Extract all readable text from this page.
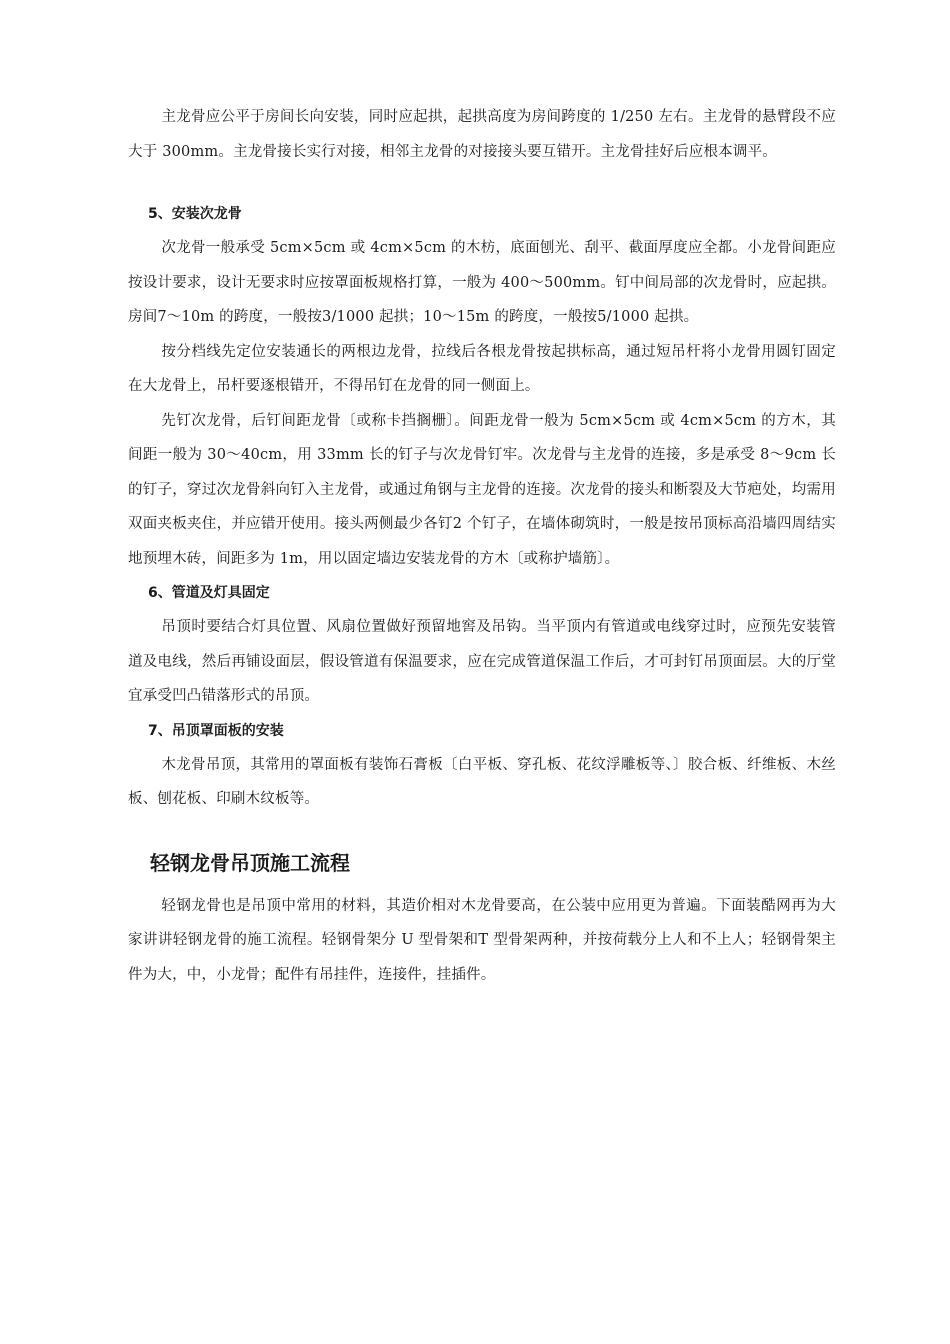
主龙骨应公平于房间长向安装，同时应起拱，起拱高度为房间跨度的 1/250 左右。主龙骨的悬臂段不应大于 300mm。主龙骨接长实行对接，相邻主龙骨的对接接头要互错开。主龙骨挂好后应根本调平。

5、安装次龙骨

次龙骨一般承受 5cm×5cm 或 4cm×5cm 的木枋，底面刨光、刮平、截面厚度应全都。小龙骨间距应按设计要求，设计无要求时应按罩面板规格打算，一般为 400～500mm。钉中间局部的次龙骨时，应起拱。房间7～10m 的跨度，一般按3/1000 起拱；10～15m 的跨度，一般按5/1000 起拱。

按分档线先定位安装通长的两根边龙骨，拉线后各根龙骨按起拱标高，通过短吊杆将小龙骨用圆钉固定在大龙骨上，吊杆要逐根错开，不得吊钉在龙骨的同一侧面上。

先钉次龙骨，后钉间距龙骨〔或称卡挡搁栅〕。间距龙骨一般为 5cm×5cm 或 4cm×5cm 的方木，其间距一般为 30～40cm，用 33mm 长的钉子与次龙骨钉牢。次龙骨与主龙骨的连接，多是承受 8～9cm 长的钉子，穿过次龙骨斜向钉入主龙骨，或通过角钢与主龙骨的连接。次龙骨的接头和断裂及大节疤处，均需用双面夹板夹住，并应错开使用。接头两侧最少各钉2 个钉子，在墙体砌筑时，一般是按吊顶标高沿墙四周结实地预埋木砖，间距多为 1m，用以固定墙边安装龙骨的方木〔或称护墙筋〕。

6、管道及灯具固定

吊顶时要结合灯具位置、风扇位置做好预留地窖及吊钩。当平顶内有管道或电线穿过时，应预先安装管道及电线，然后再铺设面层，假设管道有保温要求，应在完成管道保温工作后，才可封钉吊顶面层。大的厅堂宜承受凹凸错落形式的吊顶。

7、吊顶罩面板的安装

木龙骨吊顶，其常用的罩面板有装饰石膏板〔白平板、穿孔板、花纹浮雕板等、〕胶合板、纤维板、木丝板、刨花板、印刷木纹板等。

轻钢龙骨吊顶施工流程

轻钢龙骨也是吊顶中常用的材料，其造价相对木龙骨要高，在公装中应用更为普遍。下面装酷网再为大家讲讲轻钢龙骨的施工流程。轻钢骨架分 U 型骨架和T 型骨架两种，并按荷载分上人和不上人；轻钢骨架主件为大，中，小龙骨；配件有吊挂件，连接件，挂插件。
